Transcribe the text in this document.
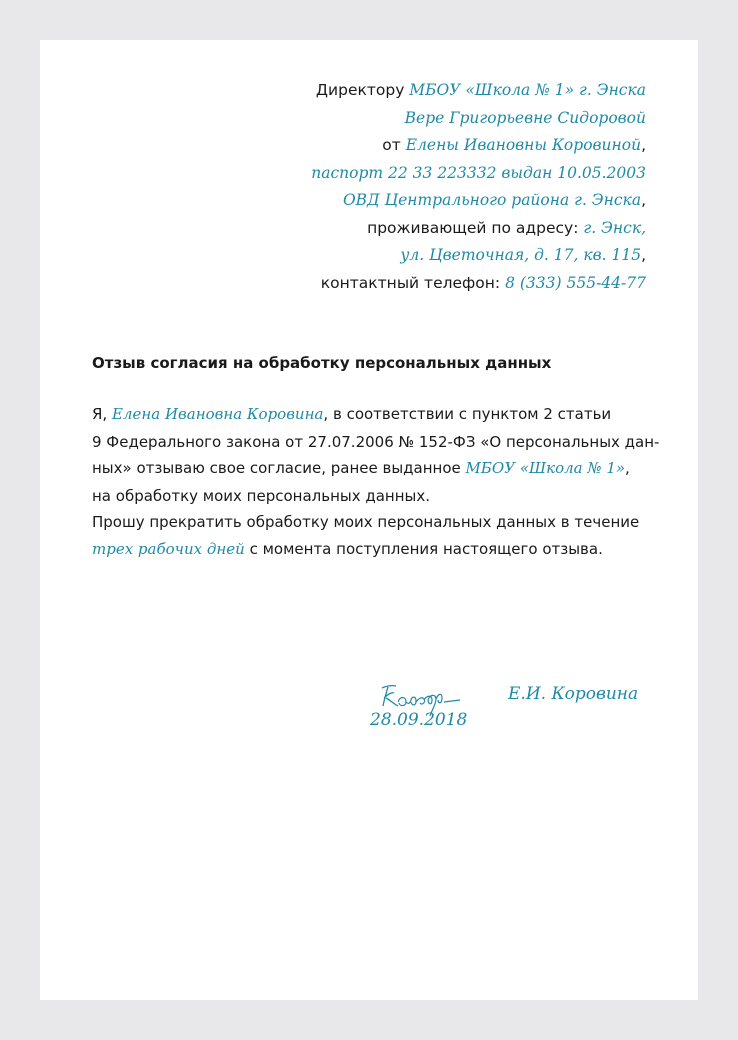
Директору МБОУ «Школа № 1» г. Энска
Вере Григорьевне Сидоровой
от Елены Ивановны Коровиной,
паспорт 22 33 223332 выдан 10.05.2003
ОВД Центрального района г. Энска,
проживающей по адресу: г. Энск,
ул. Цветочная, д. 17, кв. 115,
контактный телефон: 8 (333) 555-44-77
Отзыв согласия на обработку персональных данных
Я, Елена Ивановна Коровина, в соответствии с пунктом 2 статьи
9 Федерального закона от 27.07.2006 № 152-ФЗ «О персональных дан-
ных» отзываю свое согласие, ранее выданное МБОУ «Школа № 1»,
на обработку моих персональных данных.
Прошу прекратить обработку моих персональных данных в течение
трех рабочих дней с момента поступления настоящего отзыва.
Е.И. Коровина
28.09.2018
